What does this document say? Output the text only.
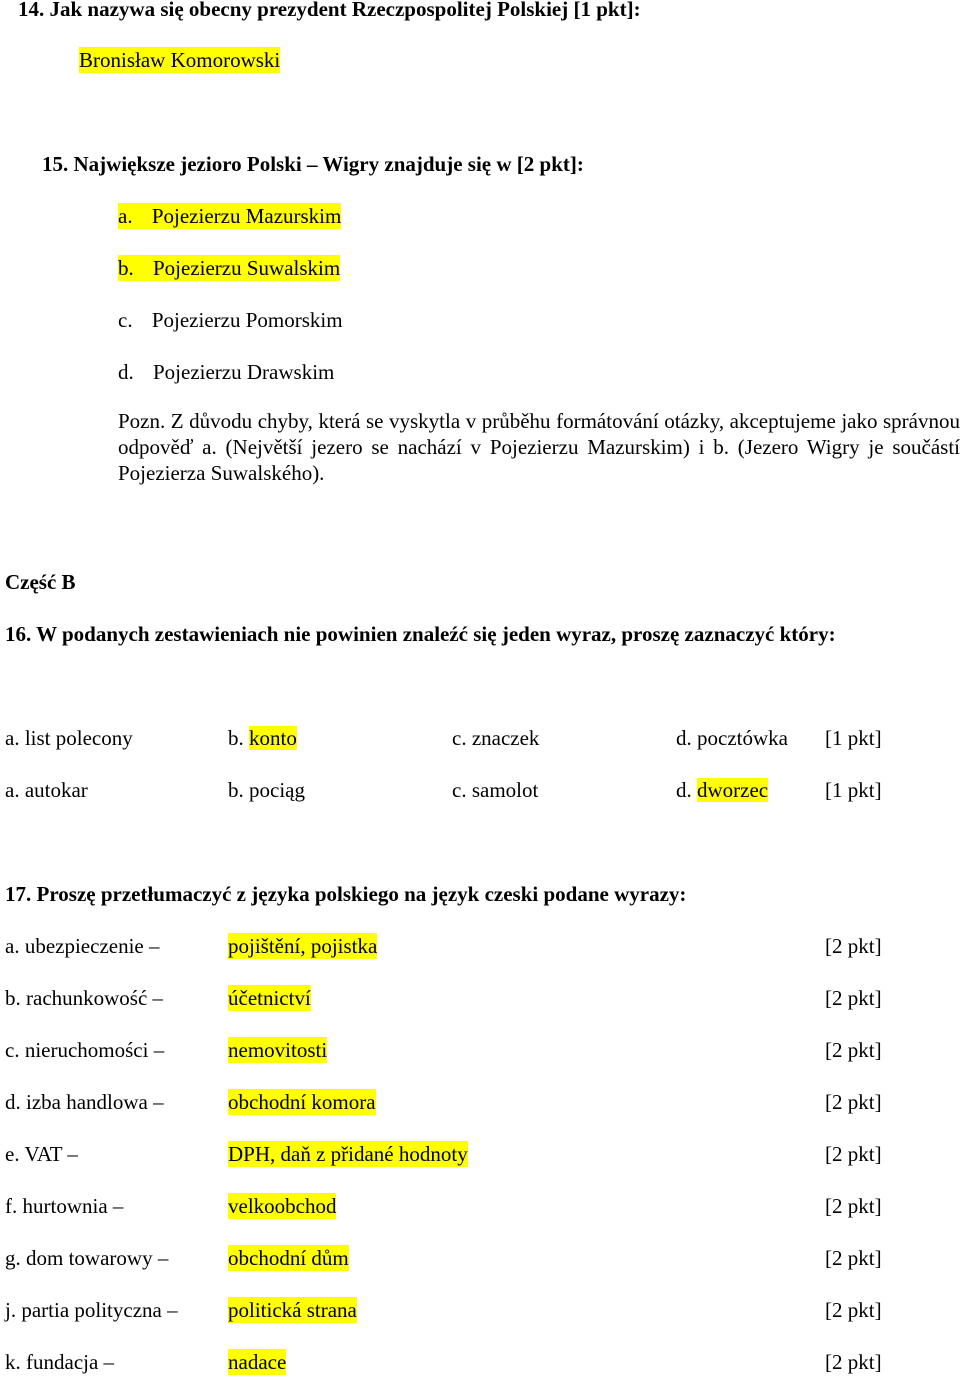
14. Jak nazywa się obecny prezydent Rzeczpospolitej Polskiej [1 pkt]:
Bronisław Komorowski
15. Największe jezioro Polski – Wigry znajduje się w [2 pkt]:
a. Pojezierzu Mazurskim
b. Pojezierzu Suwalskim
c. Pojezierzu Pomorskim
d. Pojezierzu Drawskim
Pozn. Z důvodu chyby, která se vyskytla v průběhu formátování otázky, akceptujeme jako správnou odpověď a. (Největší jezero se nachází v Pojezierzu Mazurskim) i b. (Jezero Wigry je součástí Pojezierza Suwalského).
Część B
16. W podanych zestawieniach nie powinien znaleźć się jeden wyraz, proszę zaznaczyć który:
a. list polecony	b. konto	c. znaczek	d. pocztówka [1 pkt]
a. autokar	b. pociąg	c. samolot	d. dworzec	[1 pkt]
17. Proszę przetłumaczyć z języka polskiego na język czeski podane wyrazy:
a. ubezpieczenie –	pojištění, pojistka	[2 pkt]
b. rachunkowość –	účetnictví	[2 pkt]
c. nieruchomości –	nemovitosti	[2 pkt]
d. izba handlowa –	obchodní komora	[2 pkt]
e. VAT –	DPH, daň z přidané hodnoty	[2 pkt]
f. hurtownia –	velkoobchod	[2 pkt]
g. dom towarowy –	obchodní dům	[2 pkt]
j. partia polityczna – politická strana	[2 pkt]
k. fundacja –	nadace	[2 pkt]
